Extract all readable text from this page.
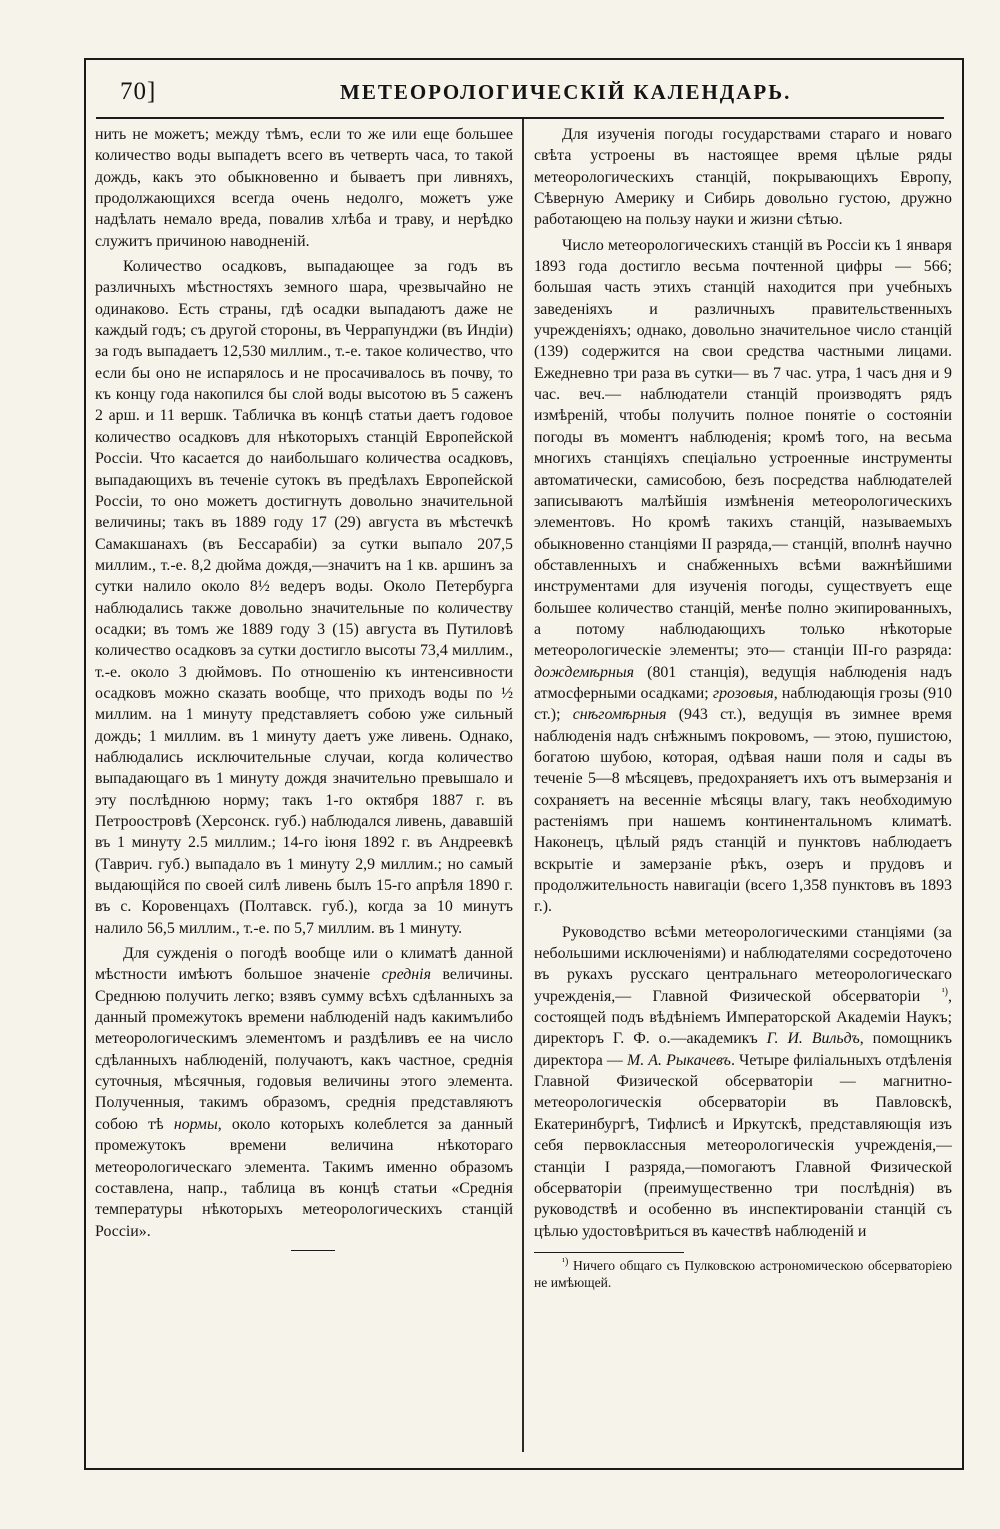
70]	МЕТЕОРОЛОГИЧЕСКІЙ КАЛЕНДАРЬ.

нить не можетъ; между тѣмъ, если то же или еще большее количество воды выпадетъ всего въ четверть часа, то такой дождь, какъ это обыкновенно и бываетъ при ливняхъ, продолжающихся всегда очень недолго, можетъ уже надѣлать немало вреда, повалив хлѣба и траву, и нерѣдко служитъ причиною наводненій.

Количество осадковъ, выпадающее за годъ въ различныхъ мѣстностяхъ земного шара, чрезвычайно не одинаково. Есть страны, гдѣ осадки выпадаютъ даже не каждый годъ; съ другой стороны, въ Черрапунджи (въ Индіи) за годъ выпадаетъ 12,530 миллим., т.-е. такое количество, что если бы оно не испарялось и не просачивалось въ почву, то къ концу года накопился бы слой воды высотою въ 5 саженъ 2 арш. и 11 вершк. Табличка въ концѣ статьи даетъ годовое количество осадковъ для нѣкоторыхъ станцій Европейской Россіи. Что касается до наибольшаго количества осадковъ, выпадающихъ въ теченіе сутокъ въ предѣлахъ Европейской Россіи, то оно можетъ достигнуть довольно значительной величины; такъ въ 1889 году 17 (29) августа въ мѣстечкѣ Самакшанахъ (въ Бессарабіи) за сутки выпало 207,5 миллим., т.-е. 8,2 дюйма дождя,—значитъ на 1 кв. аршинъ за сутки налило около 8½ ведеръ воды. Около Петербурга наблюдались также довольно значительные по количеству осадки; въ томъ же 1889 году 3 (15) августа въ Путиловѣ количество осадковъ за сутки достигло высоты 73,4 миллим., т.-е. около 3 дюймовъ. По отношенію къ интенсивности осадковъ можно сказать вообще, что приходъ воды по ½ миллим. на 1 минуту представляетъ собою уже сильный дождь; 1 миллим. въ 1 минуту даетъ уже ливень. Однако, наблюдались исключительные случаи, когда количество выпадающаго въ 1 минуту дождя значительно превышало и эту послѣднюю норму; такъ 1-го октября 1887 г. въ Петроостровѣ (Херсонск. губ.) наблюдался ливень, дававшій въ 1 минуту 2.5 миллим.; 14-го іюня 1892 г. въ Андреевкѣ (Таврич. губ.) выпадало въ 1 минуту 2,9 миллим.; но самый выдающійся по своей силѣ ливень былъ 15-го апрѣля 1890 г. въ с. Коровенцахъ (Полтавск. губ.), когда за 10 минутъ налило 56,5 миллим., т.-е. по 5,7 миллим. въ 1 минуту.

Для сужденія о погодѣ вообще или о климатѣ данной мѣстности имѣютъ большое значеніе среднія величины. Среднюю получить легко; взявъ сумму всѣхъ сдѣланныхъ за данный промежутокъ времени наблюденій надъ какимълибо метеорологическимъ элементомъ и раздѣливъ ее на число сдѣланныхъ наблюденій, получаютъ, какъ частное, среднія суточныя, мѣсячныя, годовыя величины этого элемента. Полученныя, такимъ образомъ, среднія представляютъ собою тѣ нормы, около которыхъ колеблется за данный промежутокъ времени величина нѣкотораго метеорологическаго элемента. Такимъ именно образомъ составлена, напр., таблица въ концѣ статьи «Среднія температуры нѣкоторыхъ метеорологическихъ станцій Россіи».

Для изученія погоды государствами стараго и новаго свѣта устроены въ настоящее время цѣлые ряды метеорологическихъ станцій, покрывающихъ Европу, Сѣверную Америку и Сибирь довольно густою, дружно работающею на пользу науки и жизни сѣтью.

Число метеорологическихъ станцій въ Россіи къ 1 января 1893 года достигло весьма почтенной цифры — 566; большая часть этихъ станцій находится при учебныхъ заведеніяхъ и различныхъ правительственныхъ учрежденіяхъ; однако, довольно значительное число станцій (139) содержится на свои средства частными лицами. Ежедневно три раза въ сутки— въ 7 час. утра, 1 часъ дня и 9 час. веч.— наблюдатели станцій производятъ рядъ измѣреній, чтобы получить полное понятіе о состояніи погоды въ моментъ наблюденія; кромѣ того, на весьма многихъ станціяхъ спеціально устроенные инструменты автоматически, самисобою, безъ посредства наблюдателей записываютъ малѣйшія измѣненія метеорологическихъ элементовъ. Но кромѣ такихъ станцій, называемыхъ обыкновенно станціями II разряда,— станцій, вполнѣ научно обставленныхъ и снабженныхъ всѣми важнѣйшими инструментами для изученія погоды, существуетъ еще большее количество станцій, менѣе полно экипированныхъ, а потому наблюдающихъ только нѣкоторые метеорологическіе элементы; это— станціи III-го разряда: дождемѣрныя (801 станція), ведущія наблюденія надъ атмосферными осадками; грозовыя, наблюдающія грозы (910 ст.); снѣгомѣрныя (943 ст.), ведущія въ зимнее время наблюденія надъ снѣжнымъ покровомъ, — этою, пушистою, богатою шубою, которая, одѣвая наши поля и сады въ теченіе 5—8 мѣсяцевъ, предохраняетъ ихъ отъ вымерзанія и сохраняетъ на весенніе мѣсяцы влагу, такъ необходимую растеніямъ при нашемъ континентальномъ климатѣ. Наконецъ, цѣлый рядъ станцій и пунктовъ наблюдаетъ вскрытіе и замерзаніе рѣкъ, озеръ и прудовъ и продолжительность навигаціи (всего 1,358 пунктовъ въ 1893 г.).

Руководство всѣми метеорологическими станціями (за небольшими исключеніями) и наблюдателями сосредоточено въ рукахъ русскаго центральнаго метеорологическаго учрежденія,— Главной Физической обсерваторіи $^{^1)}$, состоящей подъ вѣдѣніемъ Императорской Академіи Наукъ; директоръ Г. Ф. о.—академикъ Г. И. Вильдъ, помощникъ директора — М. А. Рыкачевъ. Четыре филіальныхъ отдѣленія Главной Физической обсерваторіи — магнитно-метеорологическія обсерваторіи въ Павловскѣ, Екатеринбургѣ, Тифлисѣ и Иркутскѣ, представляющія изъ себя первоклассныя метеорологическія учрежденія,—станціи I разряда,—помогаютъ Главной Физической обсерваторіи (преимущественно три послѣднія) въ руководствѣ и особенно въ инспектированіи станцій съ цѣлью удостовѣриться въ качествѣ наблюденій и

$^{^1)}$ Ничего общаго съ Пулковскою астрономическою обсерваторіею не имѣющей.
